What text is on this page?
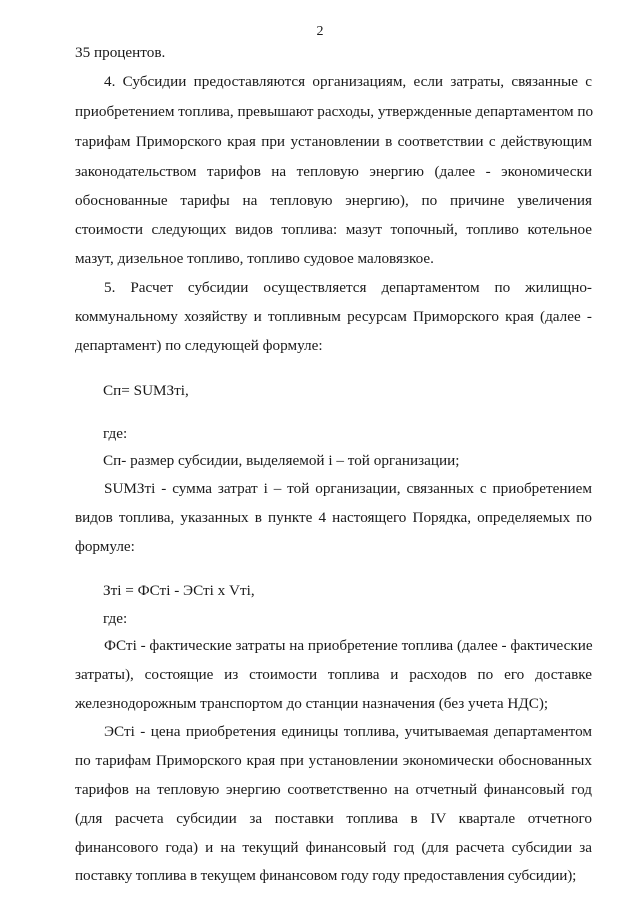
2
35 процентов.
4. Субсидии предоставляются организациям, если затраты, связанные с
приобретением топлива, превышают расходы, утвержденные департаментом по
тарифам Приморского края при установлении в соответствии с действующим
законодательством тарифов на тепловую энергию (далее - экономически
обоснованные тарифы на тепловую энергию), по причине увеличения
стоимости следующих видов топлива: мазут топочный, топливо котельное
мазут, дизельное топливо, топливо судовое маловязкое.
5. Расчет субсидии осуществляется департаментом по жилищно-
коммунальному хозяйству и топливным ресурсам Приморского края (далее -
департамент) по следующей формуле:
Сп= SUMЗтi,
где:
Сп- размер субсидии, выделяемой i – той организации;
SUMЗтi - сумма затрат i – той организации, связанных с приобретением
видов топлива, указанных в пункте 4 настоящего Порядка, определяемых по
формуле:
Зтi = ФСтi - ЭСтi х Vтi,
где:
ФСтi - фактические затраты на приобретение топлива (далее - фактические
затраты), состоящие из стоимости топлива и расходов по его доставке
железнодорожным транспортом до станции назначения (без учета НДС);
ЭСтi - цена приобретения единицы топлива, учитываемая департаментом
по тарифам Приморского края при установлении экономически обоснованных
тарифов на тепловую энергию соответственно на отчетный финансовый год
(для расчета субсидии за поставки топлива в IV квартале отчетного
финансового года) и на текущий финансовый год (для расчета субсидии за
поставку топлива в текущем финансовом году году предоставления субсидии);
